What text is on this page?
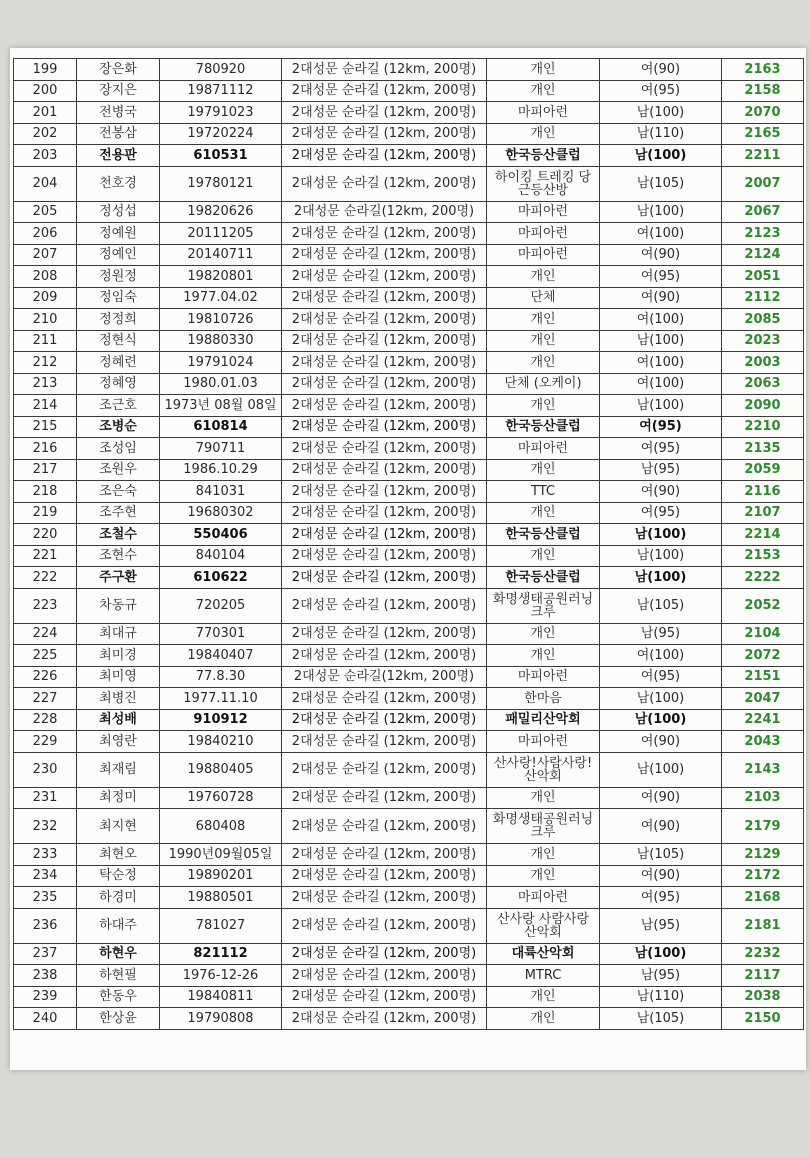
199	장은화	780920	2대성문 순라길 (12km, 200명)	개인	여(90)	2163
200	장지은	19871112	2대성문 순라길 (12km, 200명)	개인	여(95)	2158
201	전병국	19791023	2대성문 순라길 (12km, 200명)	마피아런	남(100)	2070
202	전봉삼	19720224	2대성문 순라길 (12km, 200명)	개인	남(110)	2165
203	전용판	610531	2대성문 순라길 (12km, 200명)	한국등산클럽	남(100)	2211
204	천호경	19780121	2대성문 순라길 (12km, 200명)	하이킹 트레킹 당근등산방	남(105)	2007
205	정성섭	19820626	2대성문 순라길(12km, 200명)	마피아런	남(100)	2067
206	정예원	20111205	2대성문 순라길 (12km, 200명)	마피아런	여(100)	2123
207	정예인	20140711	2대성문 순라길 (12km, 200명)	마피아런	여(90)	2124
208	정원정	19820801	2대성문 순라길 (12km, 200명)	개인	여(95)	2051
209	정임숙	1977.04.02	2대성문 순라길 (12km, 200명)	단체	여(90)	2112
210	정정희	19810726	2대성문 순라길 (12km, 200명)	개인	여(100)	2085
211	정현식	19880330	2대성문 순라길 (12km, 200명)	개인	남(100)	2023
212	정혜련	19791024	2대성문 순라길 (12km, 200명)	개인	여(100)	2003
213	정혜영	1980.01.03	2대성문 순라길 (12km, 200명)	단체 (오케이)	여(100)	2063
214	조근호	1973년 08월 08일	2대성문 순라길 (12km, 200명)	개인	남(100)	2090
215	조병순	610814	2대성문 순라길 (12km, 200명)	한국등산클럽	여(95)	2210
216	조성임	790711	2대성문 순라길 (12km, 200명)	마피아런	여(95)	2135
217	조원우	1986.10.29	2대성문 순라길 (12km, 200명)	개인	남(95)	2059
218	조은숙	841031	2대성문 순라길 (12km, 200명)	TTC	여(90)	2116
219	조주현	19680302	2대성문 순라길 (12km, 200명)	개인	여(95)	2107
220	조철수	550406	2대성문 순라길 (12km, 200명)	한국등산클럽	남(100)	2214
221	조현수	840104	2대성문 순라길 (12km, 200명)	개인	남(100)	2153
222	주구환	610622	2대성문 순라길 (12km, 200명)	한국등산클럽	남(100)	2222
223	차동규	720205	2대성문 순라길 (12km, 200명)	화명생태공원러닝크루	남(105)	2052
224	최대규	770301	2대성문 순라길 (12km, 200명)	개인	남(95)	2104
225	최미경	19840407	2대성문 순라길 (12km, 200명)	개인	여(100)	2072
226	최미영	77.8.30	2대성문 순라길(12km, 200명)	마피아런	여(95)	2151
227	최병진	1977.11.10	2대성문 순라길 (12km, 200명)	한마음	남(100)	2047
228	최성배	910912	2대성문 순라길 (12km, 200명)	패밀리산악회	남(100)	2241
229	최영란	19840210	2대성문 순라길 (12km, 200명)	마피아런	여(90)	2043
230	최재림	19880405	2대성문 순라길 (12km, 200명)	산사랑!사람사랑! 산악회	남(100)	2143
231	최정미	19760728	2대성문 순라길 (12km, 200명)	개인	여(90)	2103
232	최지현	680408	2대성문 순라길 (12km, 200명)	화명생태공원러닝크루	여(90)	2179
233	최현오	1990년09월05일	2대성문 순라길 (12km, 200명)	개인	남(105)	2129
234	탁순정	19890201	2대성문 순라길 (12km, 200명)	개인	여(90)	2172
235	하경미	19880501	2대성문 순라길 (12km, 200명)	마피아런	여(95)	2168
236	하대주	781027	2대성문 순라길 (12km, 200명)	산사랑 사람사랑 산악회	남(95)	2181
237	하현우	821112	2대성문 순라길 (12km, 200명)	대륙산악회	남(100)	2232
238	하현필	1976-12-26	2대성문 순라길 (12km, 200명)	MTRC	남(95)	2117
239	한동우	19840811	2대성문 순라길 (12km, 200명)	개인	남(110)	2038
240	한상윤	19790808	2대성문 순라길 (12km, 200명)	개인	남(105)	2150
